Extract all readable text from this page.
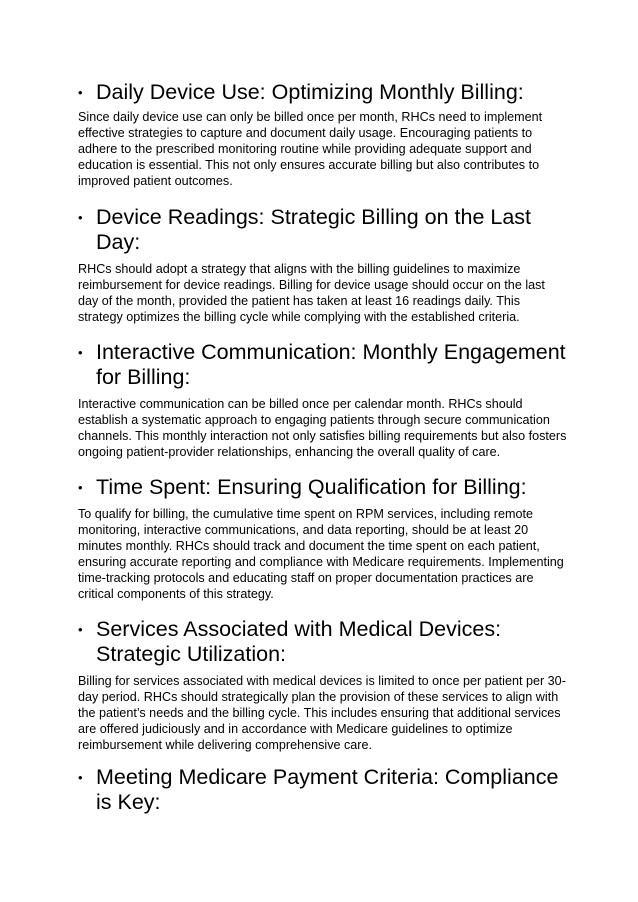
• Daily Device Use: Optimizing Monthly Billing:

Since daily device use can only be billed once per month, RHCs need to implement effective strategies to capture and document daily usage. Encouraging patients to adhere to the prescribed monitoring routine while providing adequate support and education is essential. This not only ensures accurate billing but also contributes to improved patient outcomes.

• Device Readings: Strategic Billing on the Last Day:

RHCs should adopt a strategy that aligns with the billing guidelines to maximize reimbursement for device readings. Billing for device usage should occur on the last day of the month, provided the patient has taken at least 16 readings daily. This strategy optimizes the billing cycle while complying with the established criteria.

• Interactive Communication: Monthly Engagement for Billing:

Interactive communication can be billed once per calendar month. RHCs should establish a systematic approach to engaging patients through secure communication channels. This monthly interaction not only satisfies billing requirements but also fosters ongoing patient-provider relationships, enhancing the overall quality of care.

• Time Spent: Ensuring Qualification for Billing:

To qualify for billing, the cumulative time spent on RPM services, including remote monitoring, interactive communications, and data reporting, should be at least 20 minutes monthly. RHCs should track and document the time spent on each patient, ensuring accurate reporting and compliance with Medicare requirements. Implementing time-tracking protocols and educating staff on proper documentation practices are critical components of this strategy.

• Services Associated with Medical Devices: Strategic Utilization:

Billing for services associated with medical devices is limited to once per patient per 30-day period. RHCs should strategically plan the provision of these services to align with the patient’s needs and the billing cycle. This includes ensuring that additional services are offered judiciously and in accordance with Medicare guidelines to optimize reimbursement while delivering comprehensive care.

• Meeting Medicare Payment Criteria: Compliance is Key:
